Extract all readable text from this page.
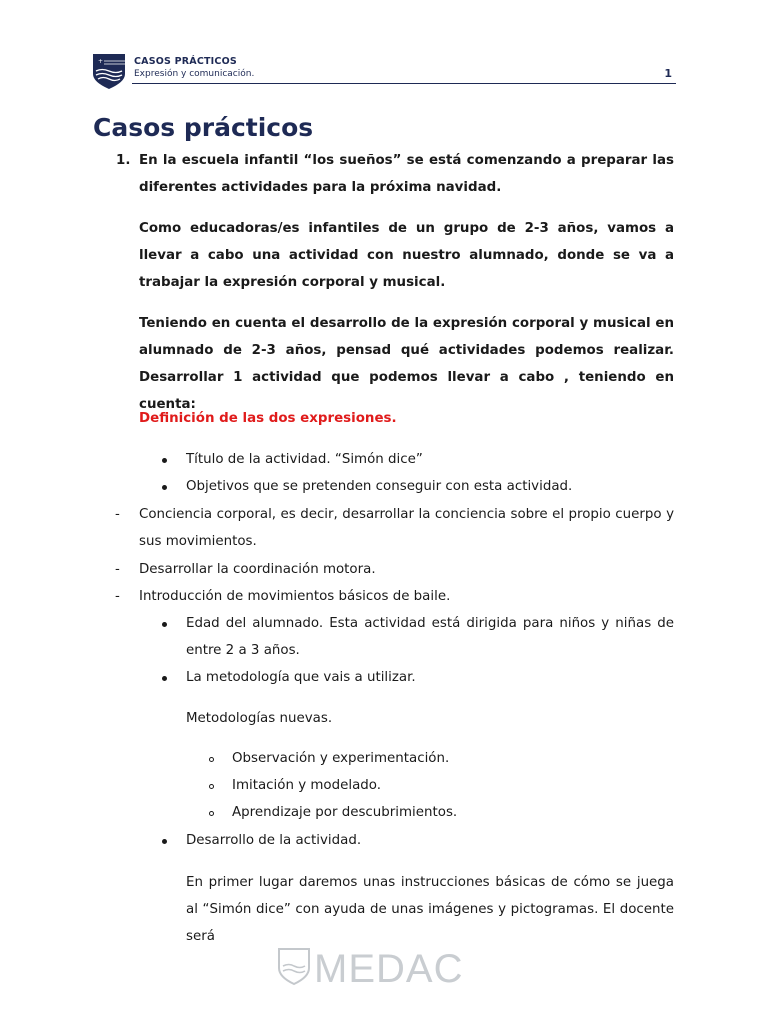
+	CASOS PRÁCTICOS
Expresión y comunicación.	1
Casos prácticos
1. En la escuela infantil “los sueños” se está comenzando a preparar las diferentes actividades para la próxima navidad.

Como educadoras/es infantiles de un grupo de 2-3 años, vamos a llevar a cabo una actividad con nuestro alumnado, donde se va a trabajar la expresión corporal y musical.

Teniendo en cuenta el desarrollo de la expresión corporal y musical en alumnado de 2-3 años, pensad qué actividades podemos realizar. Desarrollar 1 actividad que podemos llevar a cabo , teniendo en cuenta:

Definición de las dos expresiones.

Título de la actividad. “Simón dice”

Objetivos que se pretenden conseguir con esta actividad.

- Conciencia corporal, es decir, desarrollar la conciencia sobre el propio cuerpo y sus movimientos.

- Desarrollar la coordinación motora.

- Introducción de movimientos básicos de baile.

Edad del alumnado. Esta actividad está dirigida para niños y niñas de entre 2 a 3 años.

La metodología que vais a utilizar.

Metodologías nuevas.

Observación y experimentación.

Imitación y modelado.

Aprendizaje por descubrimientos.

Desarrollo de la actividad.

En primer lugar daremos unas instrucciones básicas de cómo se juega al “Simón dice” con ayuda de unas imágenes y pictogramas. El docente será

MEDAC
